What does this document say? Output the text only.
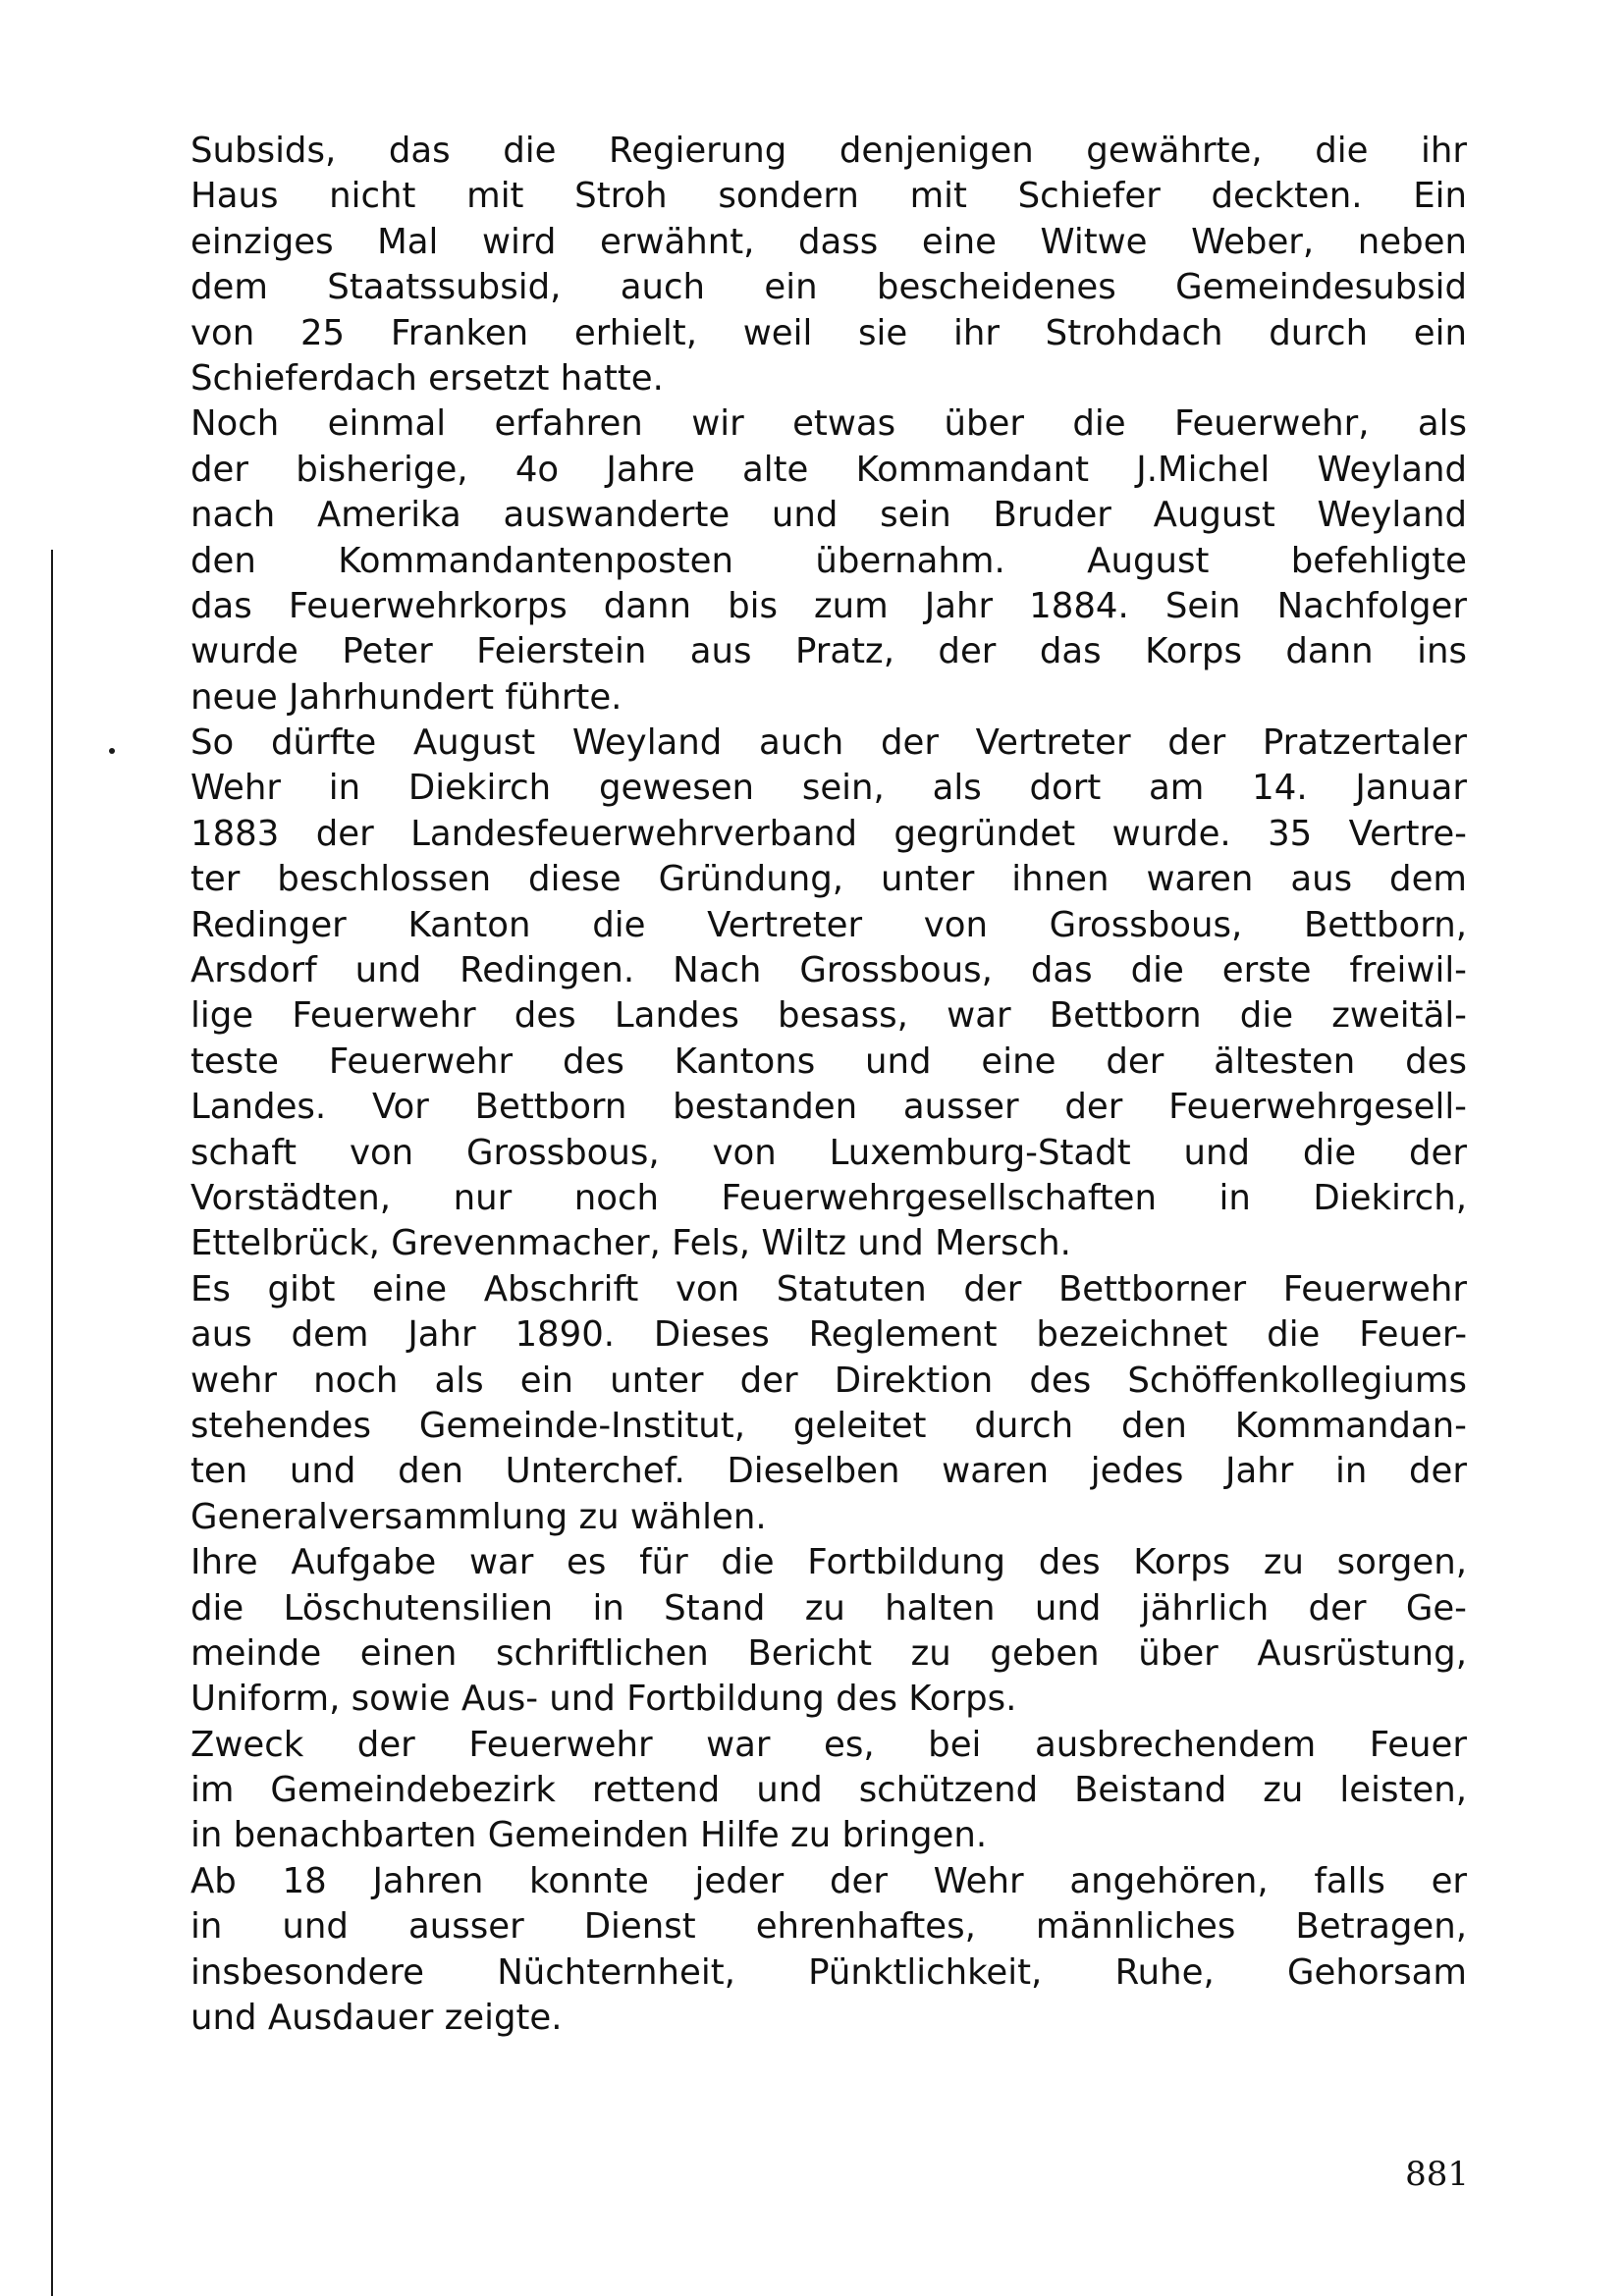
Subsids, das die Regierung denjenigen gewährte, die ihr
Haus nicht mit Stroh sondern mit Schiefer deckten. Ein
einziges Mal wird erwähnt, dass eine Witwe Weber, neben
dem Staatssubsid, auch ein bescheidenes Gemeindesubsid
von 25 Franken erhielt, weil sie ihr Strohdach durch ein
Schieferdach ersetzt hatte.
Noch einmal erfahren wir etwas über die Feuerwehr, als
der bisherige, 4o Jahre alte Kommandant J.Michel Weyland
nach Amerika auswanderte und sein Bruder August Weyland
den Kommandantenposten übernahm. August befehligte
das Feuerwehrkorps dann bis zum Jahr 1884. Sein Nachfolger
wurde Peter Feierstein aus Pratz, der das Korps dann ins
neue Jahrhundert führte.
So dürfte August Weyland auch der Vertreter der Pratzertaler
Wehr in Diekirch gewesen sein, als dort am 14. Januar
1883 der Landesfeuerwehrverband gegründet wurde. 35 Vertre-
ter beschlossen diese Gründung, unter ihnen waren aus dem
Redinger Kanton die Vertreter von Grossbous, Bettborn,
Arsdorf und Redingen. Nach Grossbous, das die erste freiwil-
lige Feuerwehr des Landes besass, war Bettborn die zweitäl-
teste Feuerwehr des Kantons und eine der ältesten des
Landes. Vor Bettborn bestanden ausser der Feuerwehrgesell-
schaft von Grossbous, von Luxemburg-Stadt und die der
Vorstädten, nur noch Feuerwehrgesellschaften in Diekirch,
Ettelbrück, Grevenmacher, Fels, Wiltz und Mersch.
Es gibt eine Abschrift von Statuten der Bettborner Feuerwehr
aus dem Jahr 1890. Dieses Reglement bezeichnet die Feuer-
wehr noch als ein unter der Direktion des Schöffenkollegiums
stehendes Gemeinde-Institut, geleitet durch den Kommandan-
ten und den Unterchef. Dieselben waren jedes Jahr in der
Generalversammlung zu wählen.
Ihre Aufgabe war es für die Fortbildung des Korps zu sorgen,
die Löschutensilien in Stand zu halten und jährlich der Ge-
meinde einen schriftlichen Bericht zu geben über Ausrüstung,
Uniform, sowie Aus- und Fortbildung des Korps.
Zweck der Feuerwehr war es, bei ausbrechendem Feuer
im Gemeindebezirk rettend und schützend Beistand zu leisten,
in benachbarten Gemeinden Hilfe zu bringen.
Ab 18 Jahren konnte jeder der Wehr angehören, falls er
in und ausser Dienst ehrenhaftes, männliches Betragen,
insbesondere Nüchternheit, Pünktlichkeit, Ruhe, Gehorsam
und Ausdauer zeigte.
881
